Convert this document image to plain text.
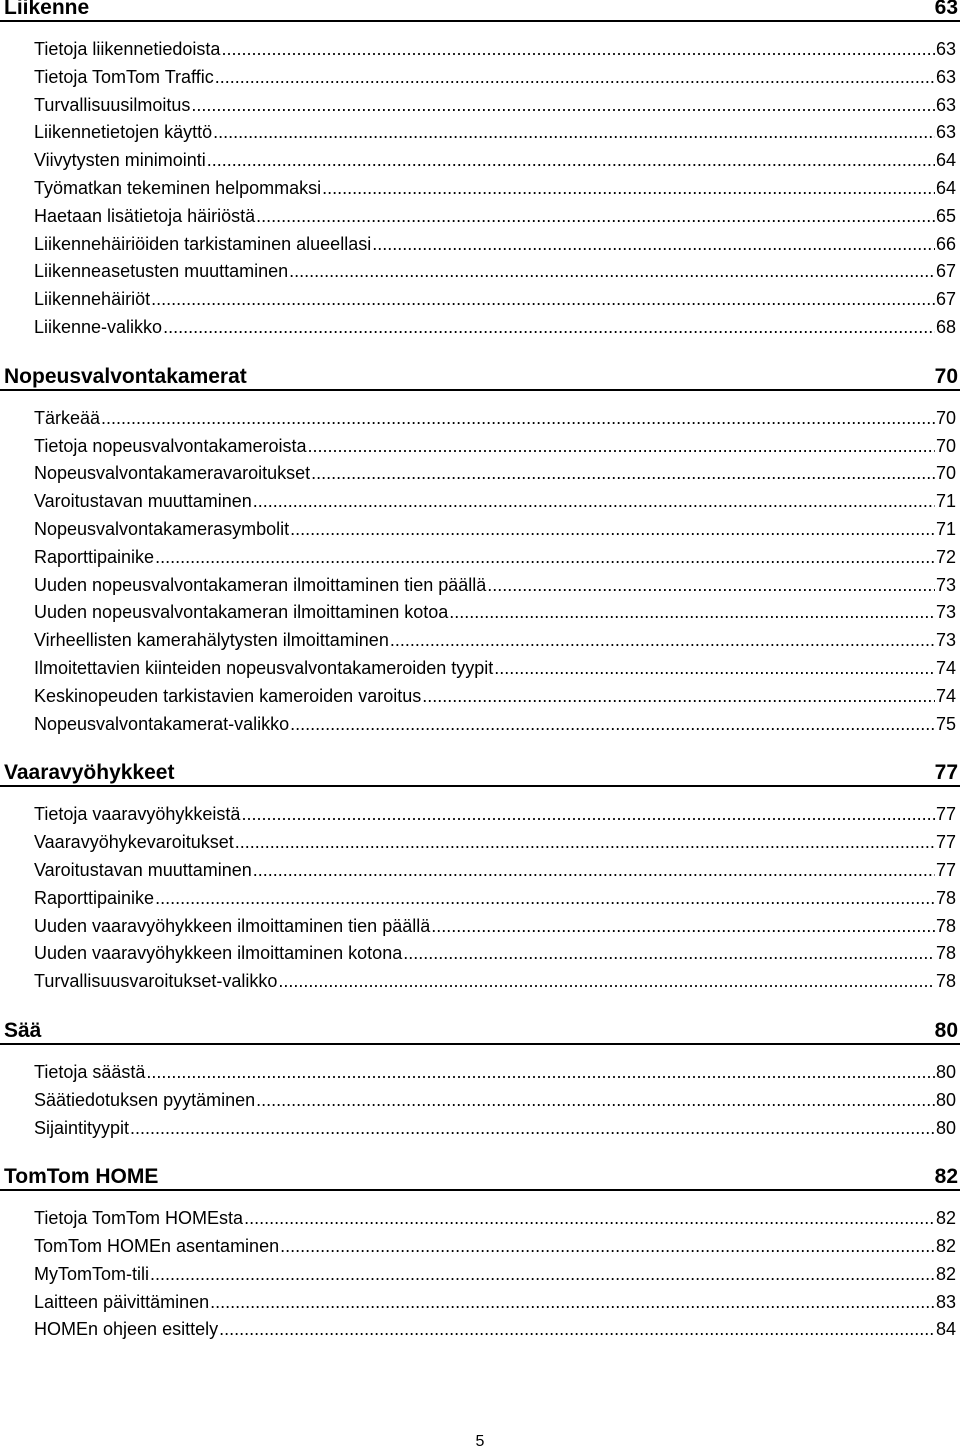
Liikenne	63
Tietoja liikennetiedoista .....	63
Tietoja TomTom Traffic .....	63
Turvallisuusilmoitus .....	63
Liikennetietojen käyttö .....	63
Viivytysten minimointi .....	64
Työmatkan tekeminen helpommaksi .....	64
Haetaan lisätietoja häiriöstä .....	65
Liikennehäiriöiden tarkistaminen alueellasi .....	66
Liikenneasetusten muuttaminen .....	67
Liikennehäiriöt .....	67
Liikenne-valikko .....	68
Nopeusvalvontakamerat	70
Tärkeää .....	70
Tietoja nopeusvalvontakameroista .....	70
Nopeusvalvontakameravaroitukset .....	70
Varoitustavan muuttaminen .....	71
Nopeusvalvontakamerasymbolit .....	71
Raporttipainike .....	72
Uuden nopeusvalvontakameran ilmoittaminen tien päällä .....	73
Uuden nopeusvalvontakameran ilmoittaminen kotoa .....	73
Virheellisten kamerahälytysten ilmoittaminen .....	73
Ilmoitettavien kiinteiden nopeusvalvontakameroiden tyypit .....	74
Keskinopeuden tarkistavien kameroiden varoitus .....	74
Nopeusvalvontakamerat-valikko .....	75
Vaaravyöhykkeet	77
Tietoja vaaravyöhykkeistä .....	77
Vaaravyöhykevaroitukset .....	77
Varoitustavan muuttaminen .....	77
Raporttipainike .....	78
Uuden vaaravyöhykkeen ilmoittaminen tien päällä .....	78
Uuden vaaravyöhykkeen ilmoittaminen kotona .....	78
Turvallisuusvaroitukset-valikko .....	78
Sää	80
Tietoja säästä .....	80
Säätiedotuksen pyytäminen .....	80
Sijaintityypit .....	80
TomTom HOME	82
Tietoja TomTom HOMEsta .....	82
TomTom HOMEn asentaminen .....	82
MyTomTom-tili .....	82
Laitteen päivittäminen .....	83
HOMEn ohjeen esittely .....	84
5
